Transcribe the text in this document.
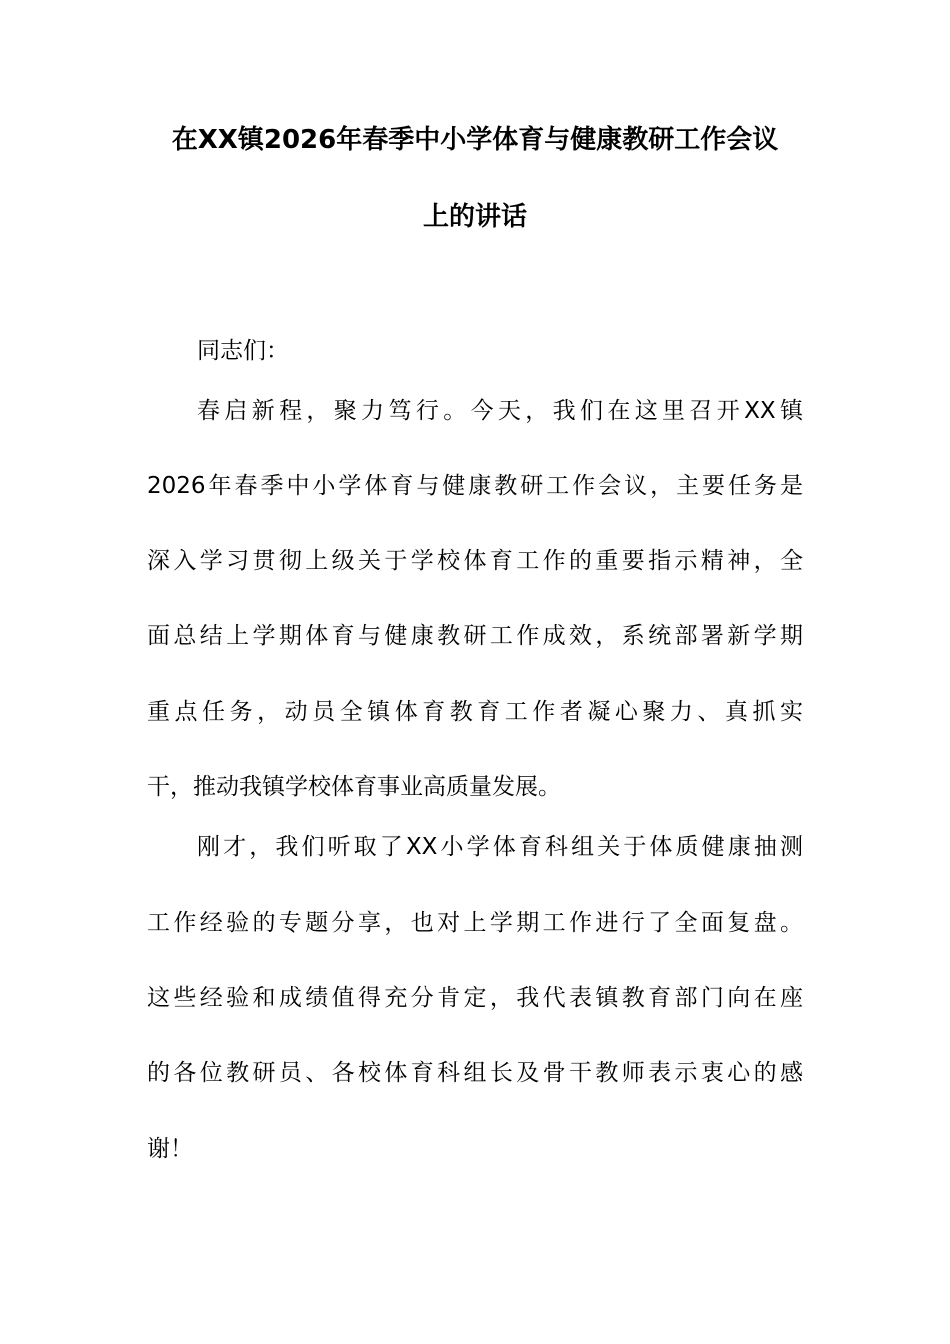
在XX镇2026年春季中小学体育与健康教研工作会议
上的讲话
同志们：
春启新程，聚力笃行。今天，我们在这里召开XX镇
2026年春季中小学体育与健康教研工作会议，主要任务是
深入学习贯彻上级关于学校体育工作的重要指示精神，全
面总结上学期体育与健康教研工作成效，系统部署新学期
重点任务，动员全镇体育教育工作者凝心聚力、真抓实
干，推动我镇学校体育事业高质量发展。
刚才，我们听取了XX小学体育科组关于体质健康抽测
工作经验的专题分享，也对上学期工作进行了全面复盘。
这些经验和成绩值得充分肯定，我代表镇教育部门向在座
的各位教研员、各校体育科组长及骨干教师表示衷心的感
谢！
